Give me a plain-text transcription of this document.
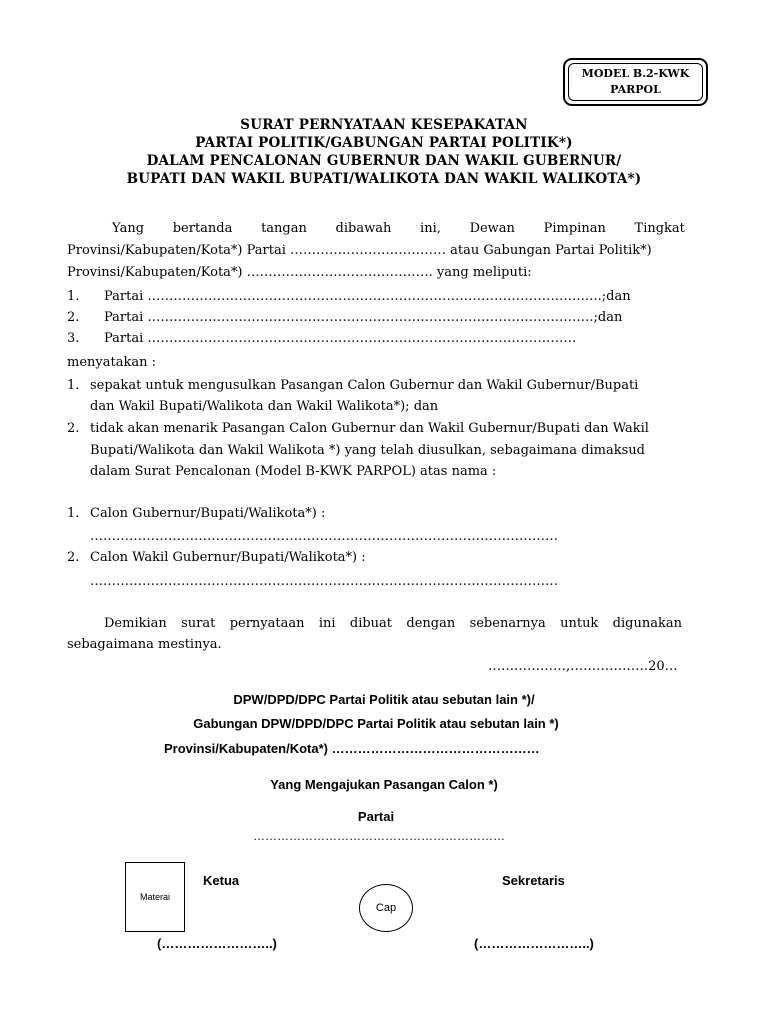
MODEL B.2-KWK
PARPOL
SURAT PERNYATAAN KESEPAKATAN
PARTAI POLITIK/GABUNGAN PARTAI POLITIK*)
DALAM PENCALONAN GUBERNUR DAN WAKIL GUBERNUR/
BUPATI DAN WAKIL BUPATI/WALIKOTA DAN WAKIL WALIKOTA*)
Yang bertanda tangan dibawah ini, Dewan Pimpinan Tingkat
Provinsi/Kabupaten/Kota*) Partai ……………………………… atau Gabungan Partai Politik*)
Provinsi/Kabupaten/Kota*) ……………………………………. yang meliputi:
1. Partai ……………………………………………………………………………………….…..;dan
2. Partai ………………………………………………………………………………………….;dan
3. Partai ………………………………………………………………………………………
menyatakan :
1. sepakat untuk mengusulkan Pasangan Calon Gubernur dan Wakil Gubernur/Bupati
dan Wakil Bupati/Walikota dan Wakil Walikota*); dan
2. tidak akan menarik Pasangan Calon Gubernur dan Wakil Gubernur/Bupati dan Wakil
Bupati/Walikota dan Wakil Walikota *) yang telah diusulkan, sebagaimana dimaksud
dalam Surat Pencalonan (Model B-KWK PARPOL) atas nama :
1. Calon Gubernur/Bupati/Walikota*) :
………………………………………………………………………………………………
2. Calon Wakil Gubernur/Bupati/Walikota*) :
………………………………………………………………………………………………
Demikian surat pernyataan ini dibuat dengan sebenarnya untuk digunakan
sebagaimana mestinya.
………………,………………20…
DPW/DPD/DPC Partai Politik atau sebutan lain *)/
Gabungan DPW/DPD/DPC Partai Politik atau sebutan lain *)
Provinsi/Kabupaten/Kota*) …………………………………………
Yang Mengajukan Pasangan Calon *)
Partai
………………………………………………………
Materai
Ketua	Sekretaris
Cap
(……………………..)	(……………………..)
